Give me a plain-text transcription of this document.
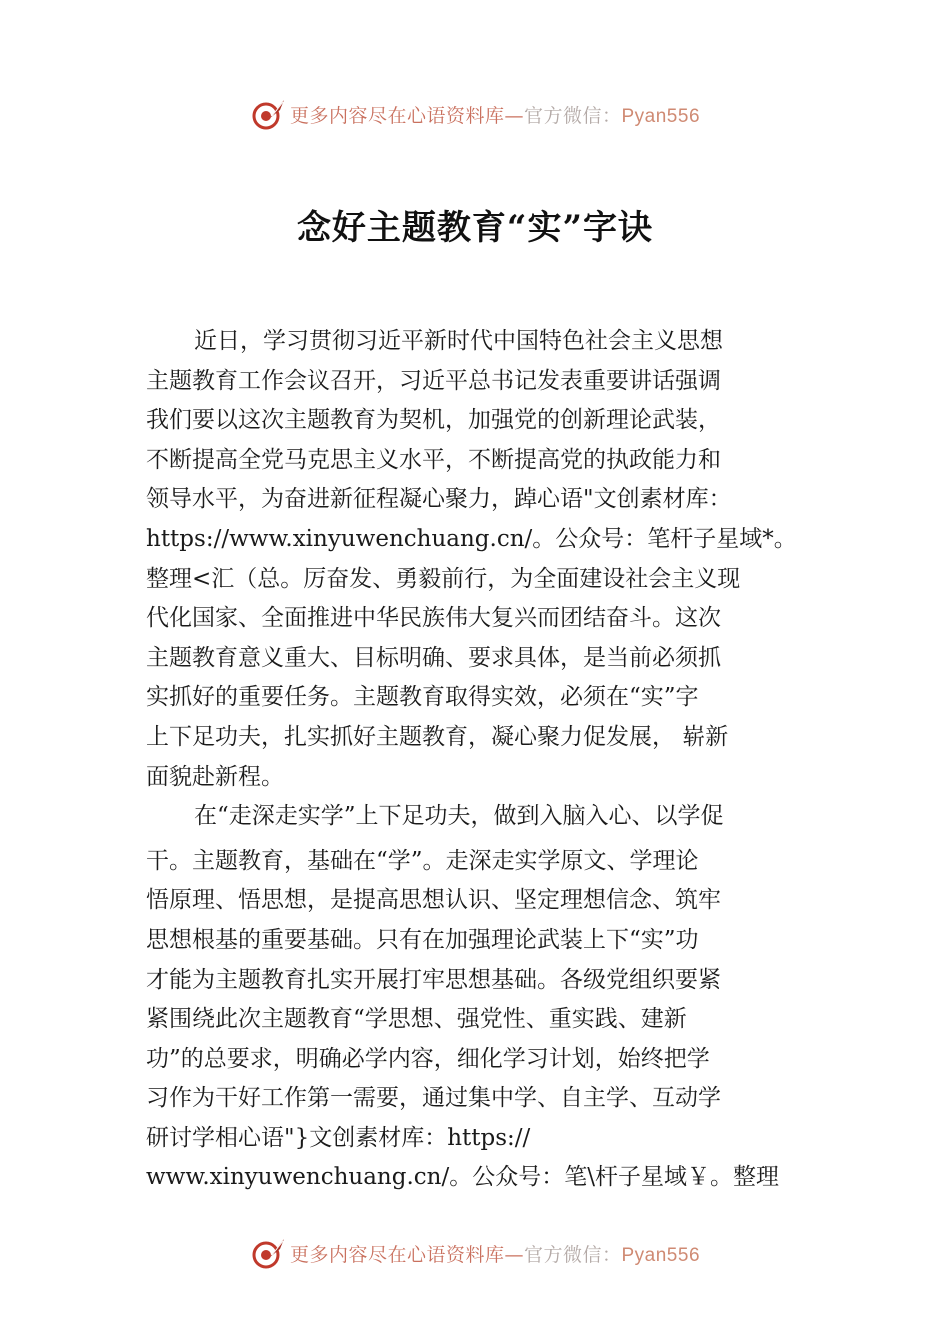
更多内容尽在心语资料库—官方微信：Pyan556
念好主题教育“实”字诀
近日，学习贯彻习近平新时代中国特色社会主义思想
主题教育工作会议召开，习近平总书记发表重要讲话强调
我们要以这次主题教育为契机，加强党的创新理论武装，
不断提高全党马克思主义水平，不断提高党的执政能力和
领导水平，为奋进新征程凝心聚力，踔心语"文创素材库：
https://www.xinyuwenchuang.cn/。公众号：笔杆子星域*。
整理<汇（总。厉奋发、勇毅前行，为全面建设社会主义现
代化国家、全面推进中华民族伟大复兴而团结奋斗。这次
主题教育意义重大、目标明确、要求具体，是当前必须抓
实抓好的重要任务。主题教育取得实效，必须在“实”字
上下足功夫，扎实抓好主题教育，凝心聚力促发展， 崭新
面貌赴新程。
在“走深走实学”上下足功夫，做到入脑入心、以学促
干。主题教育，基础在“学”。走深走实学原文、学理论
悟原理、悟思想，是提高思想认识、坚定理想信念、筑牢
思想根基的重要基础。只有在加强理论武装上下“实”功
才能为主题教育扎实开展打牢思想基础。各级党组织要紧
紧围绕此次主题教育“学思想、强党性、重实践、建新
功”的总要求，明确必学内容，细化学习计划，始终把学
习作为干好工作第一需要，通过集中学、自主学、互动学
研讨学相心语"}文创素材库：https://
www.xinyuwenchuang.cn/。公众号：笔\杆子星域￥。整理
更多内容尽在心语资料库—官方微信：Pyan556
